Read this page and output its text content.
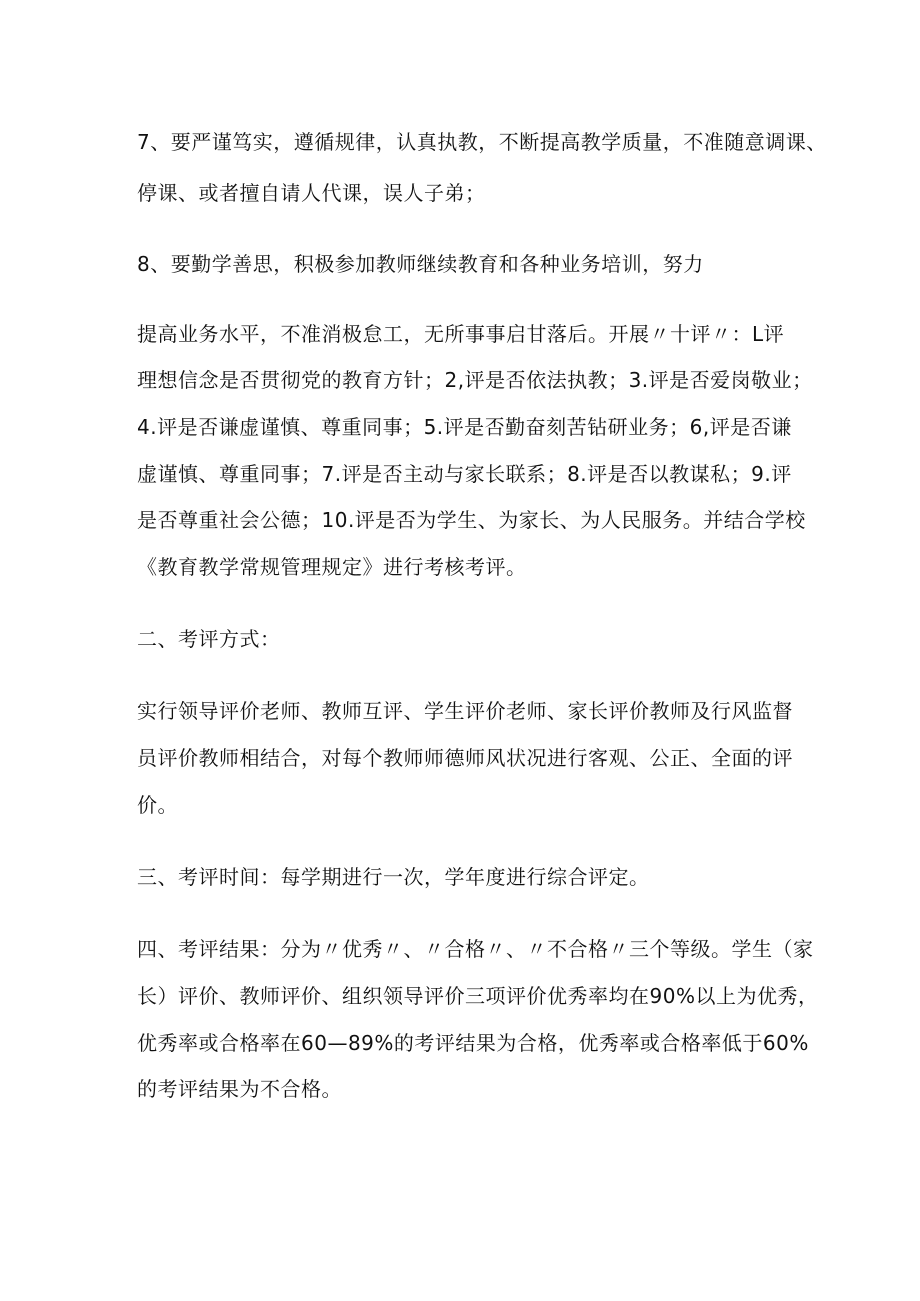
7、要严谨笃实，遵循规律，认真执教，不断提高教学质量，不准随意调课、
停课、或者擅自请人代课，误人子弟；
8、要勤学善思，积极参加教师继续教育和各种业务培训，努力
提高业务水平，不准消极怠工，无所事事启甘落后。开展〃十评〃：L评
理想信念是否贯彻党的教育方针；2,评是否依法执教；3.评是否爱岗敬业；
4.评是否谦虚谨慎、尊重同事；5.评是否勤奋刻苦钻研业务；6,评是否谦
虚谨慎、尊重同事；7.评是否主动与家长联系；8.评是否以教谋私；9.评
是否尊重社会公德；10.评是否为学生、为家长、为人民服务。并结合学校
《教育教学常规管理规定》进行考核考评。
二、考评方式：
实行领导评价老师、教师互评、学生评价老师、家长评价教师及行风监督
员评价教师相结合，对每个教师师德师风状况进行客观、公正、全面的评
价。
三、考评时间：每学期进行一次，学年度进行综合评定。
四、考评结果：分为〃优秀〃、〃合格〃、〃不合格〃三个等级。学生（家
长）评价、教师评价、组织领导评价三项评价优秀率均在90%以上为优秀，
优秀率或合格率在60—89%的考评结果为合格，优秀率或合格率低于60%
的考评结果为不合格。
